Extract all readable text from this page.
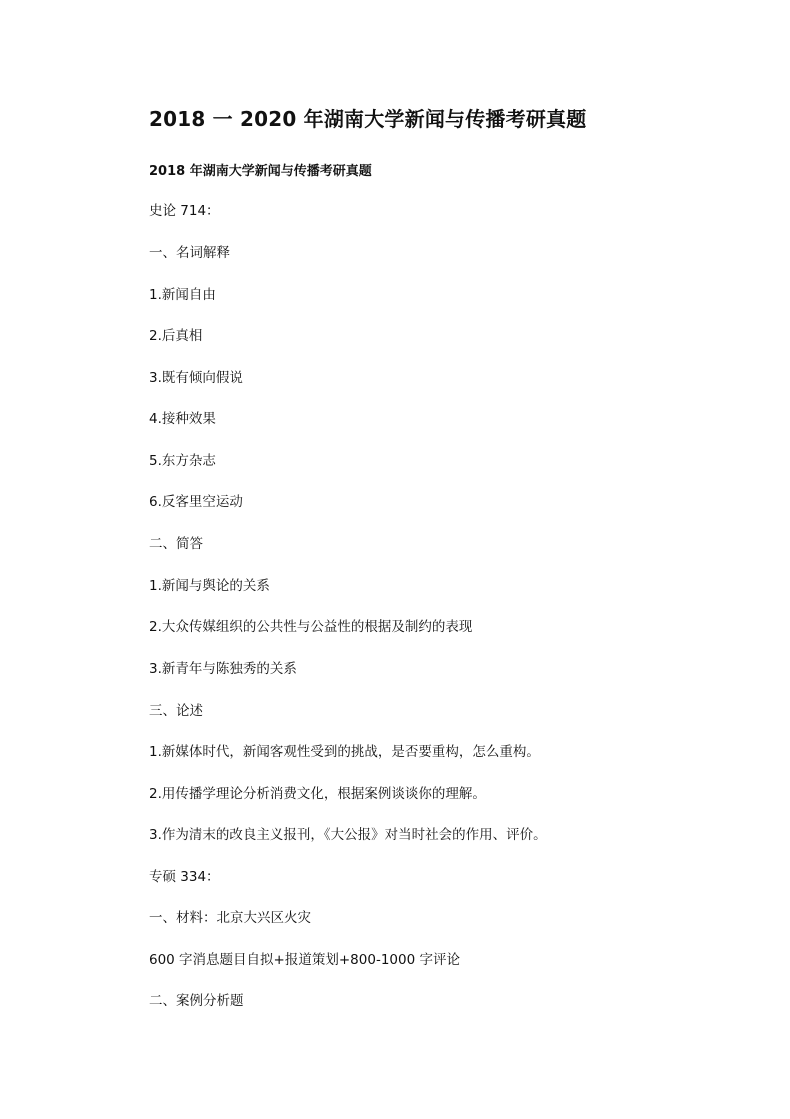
2018 一 2020 年湖南大学新闻与传播考研真题
2018 年湖南大学新闻与传播考研真题
史论 714：
一、名词解释
1.新闻自由
2.后真相
3.既有倾向假说
4.接种效果
5.东方杂志
6.反客里空运动
二、简答
1.新闻与舆论的关系
2.大众传媒组织的公共性与公益性的根据及制约的表现
3.新青年与陈独秀的关系
三、论述
1.新媒体时代，新闻客观性受到的挑战，是否要重构，怎么重构。
2.用传播学理论分析消费文化，根据案例谈谈你的理解。
3.作为清末的改良主义报刊，《大公报》对当时社会的作用、评价。
专硕 334：
一、材料：北京大兴区火灾
600 字消息题目自拟+报道策划+800-1000 字评论
二、案例分析题
